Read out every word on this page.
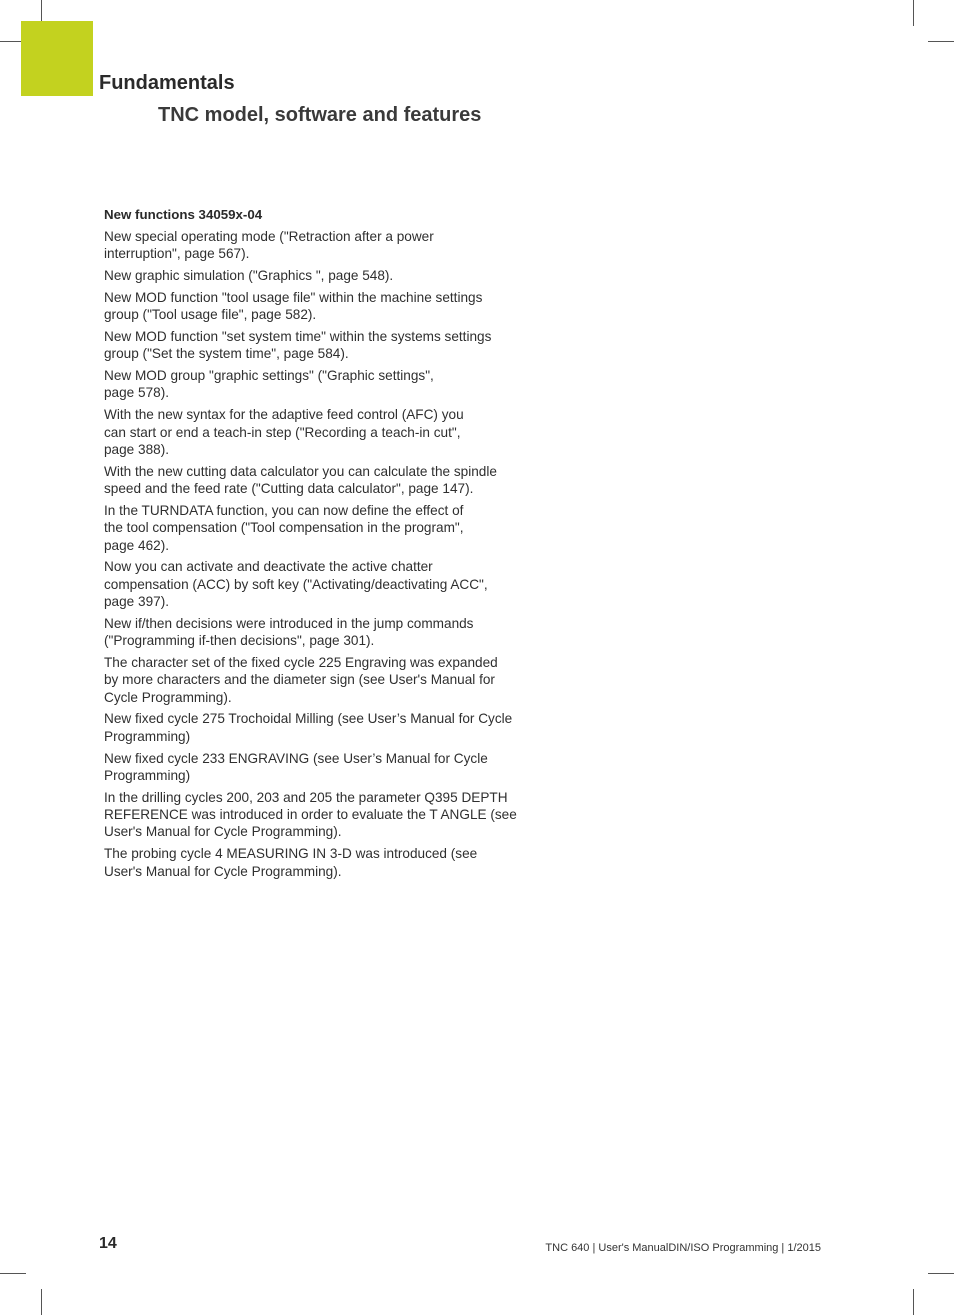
Fundamentals
TNC model, software and features
New functions 34059x-04

New special operating mode ("Retraction after a power
interruption", page 567).

New graphic simulation ("Graphics ", page 548).

New MOD function "tool usage file" within the machine settings
group ("Tool usage file", page 582).

New MOD function "set system time" within the systems settings
group ("Set the system time", page 584).

New MOD group "graphic settings" ("Graphic settings",
page 578).

With the new syntax for the adaptive feed control (AFC) you
can start or end a teach-in step ("Recording a teach-in cut",
page 388).

With the new cutting data calculator you can calculate the spindle
speed and the feed rate ("Cutting data calculator", page 147).

In the TURNDATA function, you can now define the effect of
the tool compensation ("Tool compensation in the program",
page 462).

Now you can activate and deactivate the active chatter
compensation (ACC) by soft key ("Activating/deactivating ACC",
page 397).

New if/then decisions were introduced in the jump commands
("Programming if-then decisions", page 301).

The character set of the fixed cycle 225 Engraving was expanded
by more characters and the diameter sign (see User's Manual for
Cycle Programming).

New fixed cycle 275 Trochoidal Milling (see User’s Manual for Cycle
Programming)

New fixed cycle 233 ENGRAVING (see User’s Manual for Cycle
Programming)

In the drilling cycles 200, 203 and 205 the parameter Q395 DEPTH
REFERENCE was introduced in order to evaluate the T ANGLE (see
User's Manual for Cycle Programming).

The probing cycle 4 MEASURING IN 3-D was introduced (see
User's Manual for Cycle Programming).

14	TNC 640 | User's ManualDIN/ISO Programming | 1/2015
